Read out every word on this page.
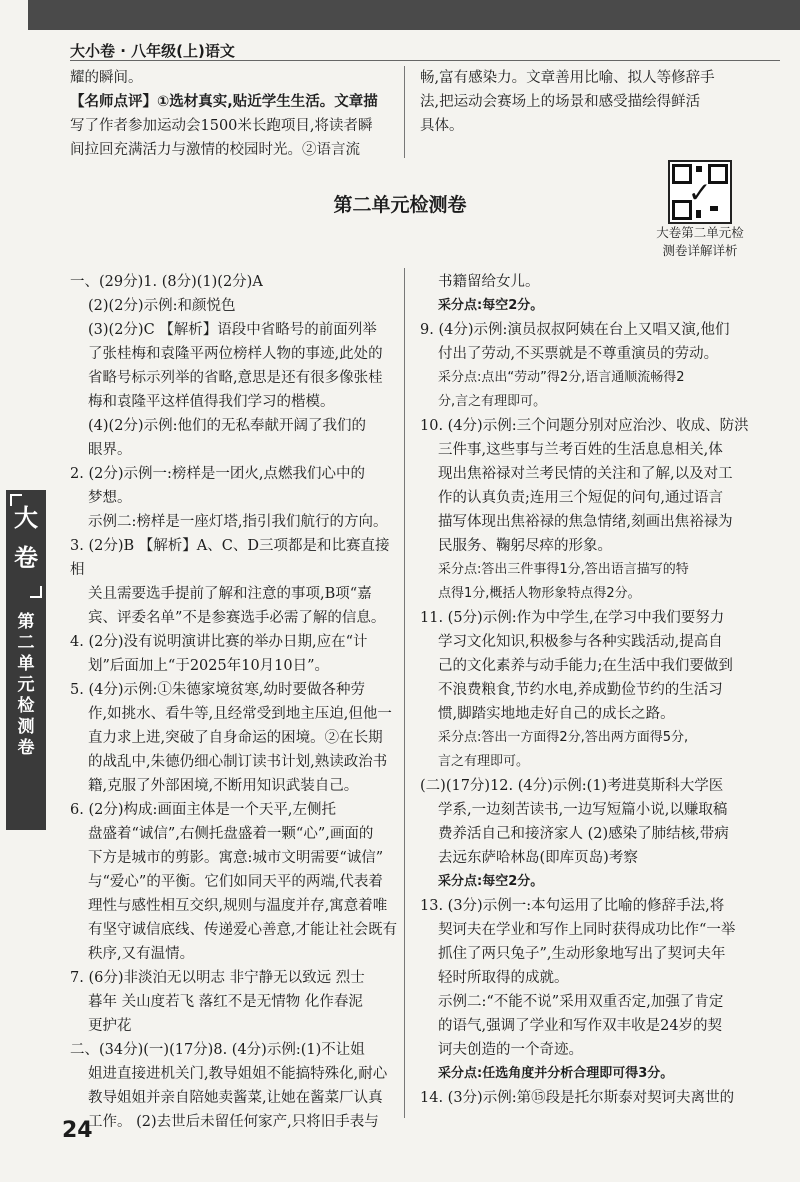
大小卷 · 八年级(上)语文
大
卷
第二单元检测卷

耀的瞬间。

【名师点评】①选材真实,贴近学生生活。文章描

写了作者参加运动会1500米长跑项目,将读者瞬

间拉回充满活力与激情的校园时光。②语言流

畅,富有感染力。文章善用比喻、拟人等修辞手

法,把运动会赛场上的场景和感受描绘得鲜活

具体。

第二单元检测卷	✓
大卷第二单元检
测卷详解详析

一、(29分)1. (8分)(1)(2分)A

(2)(2分)示例:和颜悦色

(3)(2分)C 【解析】语段中省略号的前面列举

了张桂梅和袁隆平两位榜样人物的事迹,此处的

省略号标示列举的省略,意思是还有很多像张桂

梅和袁隆平这样值得我们学习的楷模。

(4)(2分)示例:他们的无私奉献开阔了我们的

眼界。

2. (2分)示例一:榜样是一团火,点燃我们心中的

梦想。

示例二:榜样是一座灯塔,指引我们航行的方向。

3. (2分)B 【解析】A、C、D三项都是和比赛直接相

关且需要选手提前了解和注意的事项,B项“嘉

宾、评委名单”不是参赛选手必需了解的信息。

4. (2分)没有说明演讲比赛的举办日期,应在“计

划”后面加上“于2025年10月10日”。

5. (4分)示例:①朱德家境贫寒,幼时要做各种劳

作,如挑水、看牛等,且经常受到地主压迫,但他一

直力求上进,突破了自身命运的困境。②在长期

的战乱中,朱德仍细心制订读书计划,熟读政治书

籍,克服了外部困境,不断用知识武装自己。

6. (2分)构成:画面主体是一个天平,左侧托

盘盛着“诚信”,右侧托盘盛着一颗“心”,画面的

下方是城市的剪影。寓意:城市文明需要“诚信”

与“爱心”的平衡。它们如同天平的两端,代表着

理性与感性相互交织,规则与温度并存,寓意着唯

有坚守诚信底线、传递爱心善意,才能让社会既有

秩序,又有温情。

7. (6分)非淡泊无以明志 非宁静无以致远 烈士

暮年 关山度若飞 落红不是无情物 化作春泥

更护花

二、(34分)(一)(17分)8. (4分)示例:(1)不让姐

姐进直接进机关门,教导姐姐不能搞特殊化,耐心

教导姐姐并亲自陪她卖酱菜,让她在酱菜厂认真

工作。 (2)去世后未留任何家产,只将旧手表与

书籍留给女儿。

采分点:每空2分。

9. (4分)示例:演员叔叔阿姨在台上又唱又演,他们

付出了劳动,不买票就是不尊重演员的劳动。

采分点:点出“劳动”得2分,语言通顺流畅得2

分,言之有理即可。

10. (4分)示例:三个问题分别对应治沙、收成、防洪

三件事,这些事与兰考百姓的生活息息相关,体

现出焦裕禄对兰考民情的关注和了解,以及对工

作的认真负责;连用三个短促的问句,通过语言

描写体现出焦裕禄的焦急情绪,刻画出焦裕禄为

民服务、鞠躬尽瘁的形象。

采分点:答出三件事得1分,答出语言描写的特

点得1分,概括人物形象特点得2分。

11. (5分)示例:作为中学生,在学习中我们要努力

学习文化知识,积极参与各种实践活动,提高自

己的文化素养与动手能力;在生活中我们要做到

不浪费粮食,节约水电,养成勤俭节约的生活习

惯,脚踏实地地走好自己的成长之路。

采分点:答出一方面得2分,答出两方面得5分,

言之有理即可。

(二)(17分)12. (4分)示例:(1)考进莫斯科大学医

学系,一边刻苦读书,一边写短篇小说,以赚取稿

费养活自己和接济家人 (2)感染了肺结核,带病

去远东萨哈林岛(即库页岛)考察

采分点:每空2分。

13. (3分)示例一:本句运用了比喻的修辞手法,将

契诃夫在学业和写作上同时获得成功比作“一举

抓住了两只兔子”,生动形象地写出了契诃夫年

轻时所取得的成就。

示例二:“不能不说”采用双重否定,加强了肯定

的语气,强调了学业和写作双丰收是24岁的契

诃夫创造的一个奇迹。

采分点:任选角度并分析合理即可得3分。

14. (3分)示例:第⑮段是托尔斯泰对契诃夫离世的

24
